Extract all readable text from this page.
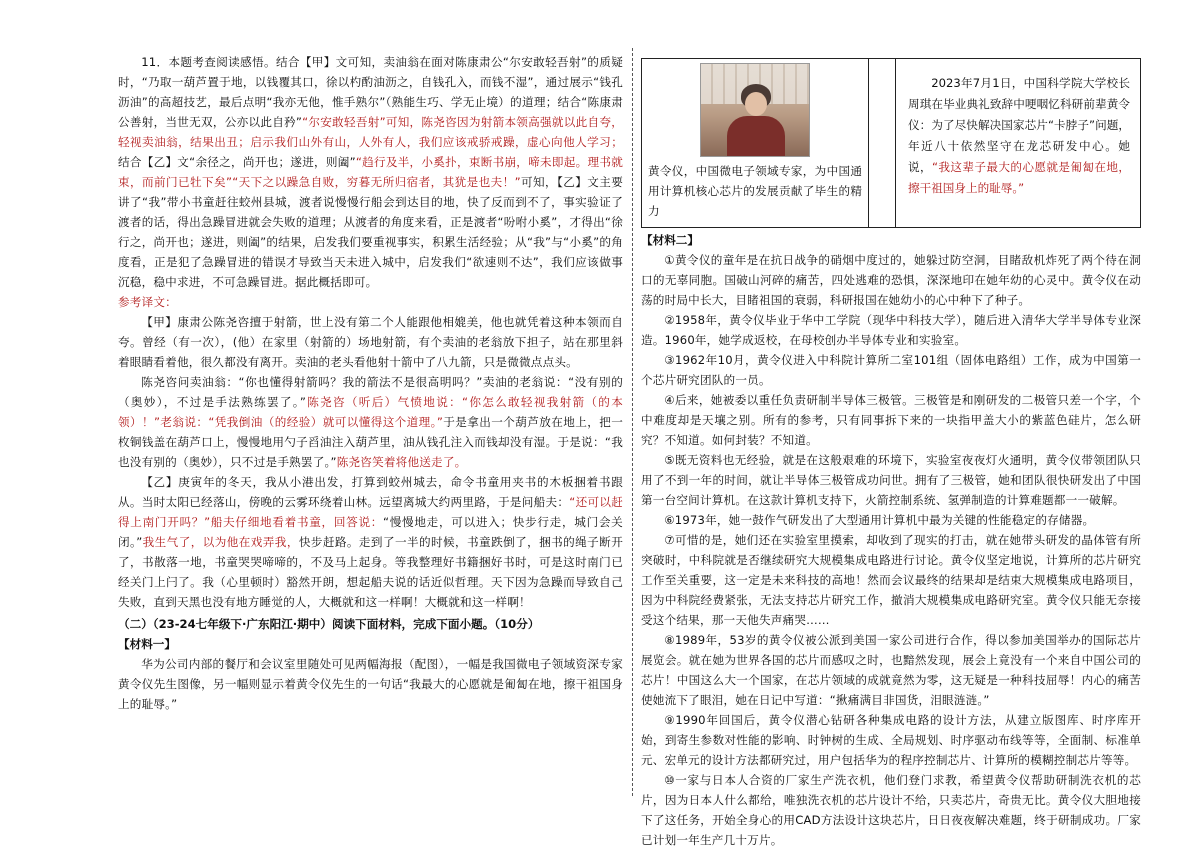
11．本题考查阅读感悟。结合【甲】文可知，卖油翁在面对陈康肃公“尔安敢轻吾射”的质疑时，“乃取一葫芦置于地，以钱覆其口，徐以杓酌油沥之，自钱孔入，而钱不湿”，通过展示“钱孔沥油”的高超技艺，最后点明“我亦无他，惟手熟尔”（熟能生巧、学无止境）的道理；结合“陈康肃公善射，当世无双，公亦以此自矜”“尔安敢轻吾射”可知，陈尧咨因为射箭本领高强就以此自夸，轻视卖油翁，结果出丑；启示我们山外有山，人外有人，我们应该戒骄戒躁，虚心向他人学习；结合【乙】文“余径之，尚开也；遂进，则阖”“趋行及半，小奚扑，束断书崩，啼未即起。理书就束，而前门已牡下矣”“天下之以躁急自败，穷暮无所归宿者，其犹是也夫！”可知，【乙】文主要讲了“我”带小书童赶往蛟州县城，渡者说慢慢行船会到达目的地，快了反而到不了，事实验证了渡者的话，得出急躁冒进就会失败的道理；从渡者的角度来看，正是渡者“吩咐小奚”，才得出“徐行之，尚开也；遂进，则阖”的结果，启发我们要重视事实，积累生活经验；从“我”与“小奚”的角度看，正是犯了急躁冒进的错误才导致当天未进入城中，启发我们“欲速则不达”，我们应该做事沉稳，稳中求进，不可急躁冒进。据此概括即可。

参考译文：

【甲】康肃公陈尧咨擅于射箭，世上没有第二个人能跟他相媲美，他也就凭着这种本领而自夸。曾经（有一次），(他）在家里（射箭的）场地射箭，有个卖油的老翁放下担子，站在那里斜着眼睛看着他，很久都没有离开。卖油的老头看他射十箭中了八九箭，只是微微点点头。

陈尧咨问卖油翁：“你也懂得射箭吗？我的箭法不是很高明吗？”卖油的老翁说：“没有别的（奥妙），不过是手法熟练罢了。”陈尧咨（听后）气愤地说：“你怎么敢轻视我射箭（的本领）！”老翁说：“凭我倒油（的经验）就可以懂得这个道理。”于是拿出一个葫芦放在地上，把一枚铜钱盖在葫芦口上，慢慢地用勺子舀油注入葫芦里，油从钱孔注入而钱却没有湿。于是说：“我也没有别的（奥妙），只不过是手熟罢了。”陈尧咨笑着将他送走了。

【乙】庚寅年的冬天，我从小港出发，打算到蛟州城去，命令书童用夹书的木板捆着书跟从。当时太阳已经落山，傍晚的云雾环绕着山林。远望离城大约两里路，于是问船夫：“还可以赶得上南门开吗？”船夫仔细地看着书童，回答说：“慢慢地走，可以进入；快步行走，城门会关闭。”我生气了，以为他在戏弄我，快步赶路。走到了一半的时候，书童跌倒了，捆书的绳子断开了，书散落一地，书童哭哭啼啼的，不及马上起身。等我整理好书籍捆好书时，可是这时南门已经关门上闩了。我（心里顿时）豁然开朗，想起船夫说的话近似哲理。天下因为急躁而导致自己失败，直到天黑也没有地方睡觉的人，大概就和这一样啊！大概就和这一样啊！

（二）（23-24七年级下·广东阳江·期中）阅读下面材料，完成下面小题。（10分）

【材料一】

华为公司内部的餐厅和会议室里随处可见两幅海报（配图），一幅是我国微电子领域资深专家黄令仪先生图像，另一幅则显示着黄令仪先生的一句话“我最大的心愿就是匍匐在地，擦干祖国身上的耻辱。”

黄令仪，中国微电子领域专家，为中国通用计算机核心芯片的发展贡献了毕生的精力

2023年7月1日，中国科学院大学校长周琪在毕业典礼致辞中哽咽忆科研前辈黄令仪：为了尽快解决国家芯片“卡脖子”问题，年近八十依然坚守在龙芯研发中心。她说，“我这辈子最大的心愿就是匍匐在地，擦干祖国身上的耻辱。”

【材料二】

①黄令仪的童年是在抗日战争的硝烟中度过的，她躲过防空洞，目睹敌机炸死了两个待在洞口的无辜同胞。国破山河碎的痛苦，四处逃难的恐惧，深深地印在她年幼的心灵中。黄令仪在动荡的时局中长大，目睹祖国的衰弱，科研报国在她幼小的心中种下了种子。

②1958年，黄令仪毕业于华中工学院（现华中科技大学），随后进入清华大学半导体专业深造。1960年，她学成返校，在母校创办半导体专业和实验室。

③1962年10月，黄令仪进入中科院计算所二室101组（固体电路组）工作，成为中国第一个芯片研究团队的一员。

④后来，她被委以重任负责研制半导体三极管。三极管是和刚研发的二极管只差一个字，个中难度却是天壤之别。所有的参考，只有同事拆下来的一块指甲盖大小的紫蓝色硅片，怎么研究？不知道。如何封装？不知道。

⑤既无资料也无经验，就是在这般艰难的环境下，实验室夜夜灯火通明，黄令仪带领团队只用了不到一年的时间，就让半导体三极管成功问世。拥有了三极管，她和团队很快研发出了中国第一台空间计算机。在这款计算机支持下，火箭控制系统、氢弹制造的计算难题都一一破解。

⑥1973年，她一鼓作气研发出了大型通用计算机中最为关键的性能稳定的存储器。

⑦可惜的是，她们还在实验室里摸索，却收到了现实的打击，就在她带头研发的晶体管有所突破时，中科院就是否继续研究大规模集成电路进行讨论。黄令仪坚定地说，计算所的芯片研究工作至关重要，这一定是未来科技的高地！然而会议最终的结果却是结束大规模集成电路项目，因为中科院经费紧张，无法支持芯片研究工作，撤消大规模集成电路研究室。黄令仪只能无奈接受这个结果，那一天他失声痛哭……

⑧1989年，53岁的黄令仪被公派到美国一家公司进行合作，得以参加美国举办的国际芯片展览会。就在她为世界各国的芯片而感叹之时，也黯然发现，展会上竟没有一个来自中国公司的芯片！中国这么大一个国家，在芯片领域的成就竟然为零，这无疑是一种科技屈辱！内心的痛苦使她流下了眼泪，她在日记中写道：“揪痛满目非国货，泪眼涟涟。”

⑨1990年回国后，黄令仪潜心钻研各种集成电路的设计方法，从建立版图库、时序库开始，到寄生参数对性能的影响、时钟树的生成、全局规划、时序驱动布线等等，全面制、标准单元、宏单元的设计方法都研究过，用户包括华为的程序控制芯片、计算所的模糊控制芯片等等。

⑩一家与日本人合资的厂家生产洗衣机，他们登门求教，希望黄令仪帮助研制洗衣机的芯片，因为日本人什么都给，唯独洗衣机的芯片设计不给，只卖芯片，奇贵无比。黄令仪大胆地接下了这任务，开始全身心的用CAD方法设计这块芯片，日日夜夜解决难题，终于研制成功。厂家已计划一年生产几十万片。
